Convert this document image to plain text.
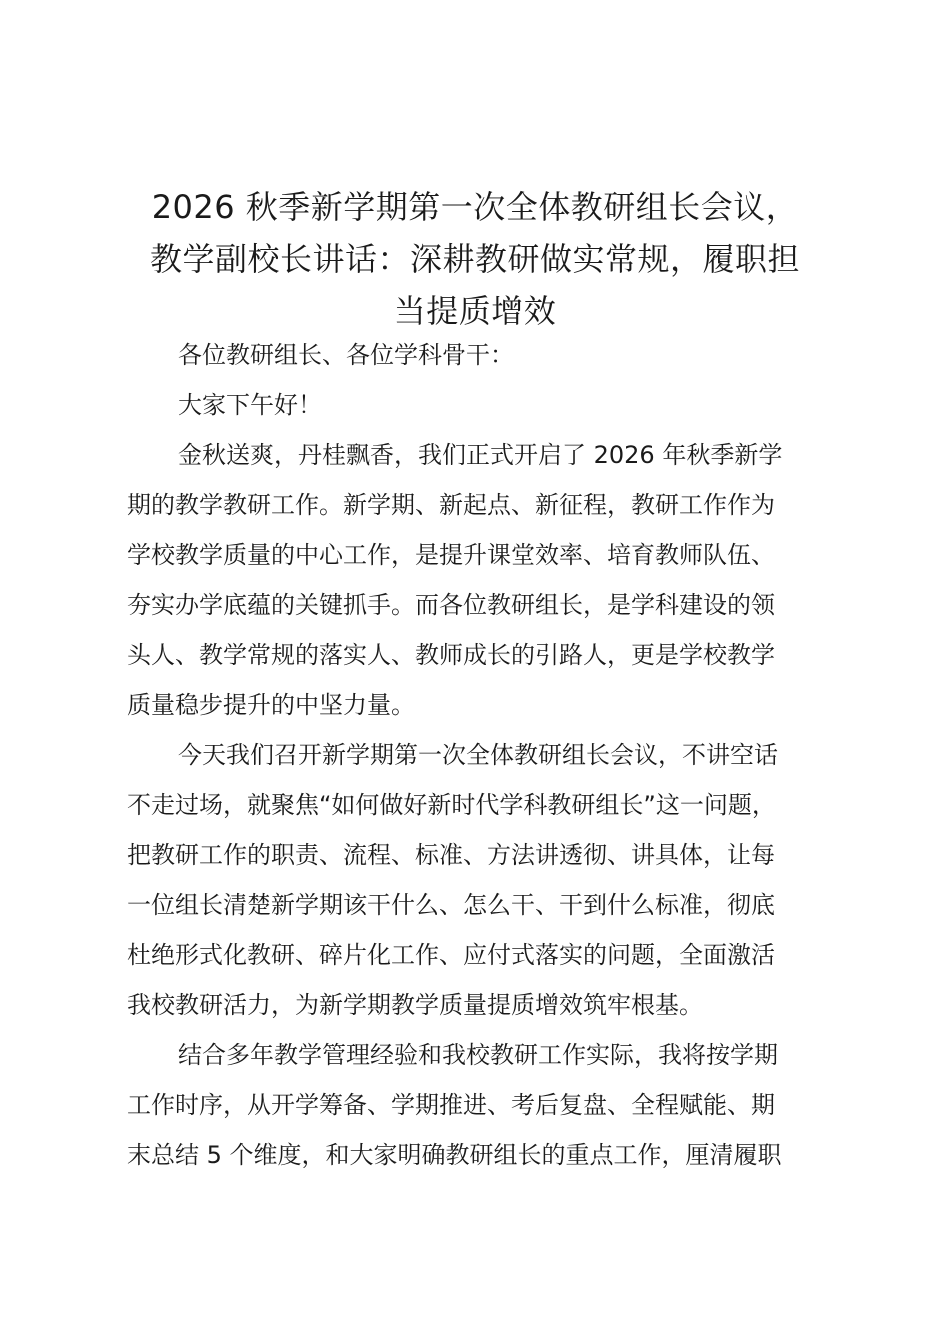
2026 秋季新学期第一次全体教研组长会议，
教学副校长讲话：深耕教研做实常规，履职担
当提质增效
各位教研组长、各位学科骨干：
大家下午好！
金秋送爽，丹桂飘香，我们正式开启了 2026 年秋季新学
期的教学教研工作。新学期、新起点、新征程，教研工作作为
学校教学质量的中心工作，是提升课堂效率、培育教师队伍、
夯实办学底蕴的关键抓手。而各位教研组长，是学科建设的领
头人、教学常规的落实人、教师成长的引路人，更是学校教学
质量稳步提升的中坚力量。
今天我们召开新学期第一次全体教研组长会议，不讲空话
不走过场，就聚焦“如何做好新时代学科教研组长”这一问题，
把教研工作的职责、流程、标准、方法讲透彻、讲具体，让每
一位组长清楚新学期该干什么、怎么干、干到什么标准，彻底
杜绝形式化教研、碎片化工作、应付式落实的问题，全面激活
我校教研活力，为新学期教学质量提质增效筑牢根基。
结合多年教学管理经验和我校教研工作实际，我将按学期
工作时序，从开学筹备、学期推进、考后复盘、全程赋能、期
末总结 5 个维度，和大家明确教研组长的重点工作，厘清履职
